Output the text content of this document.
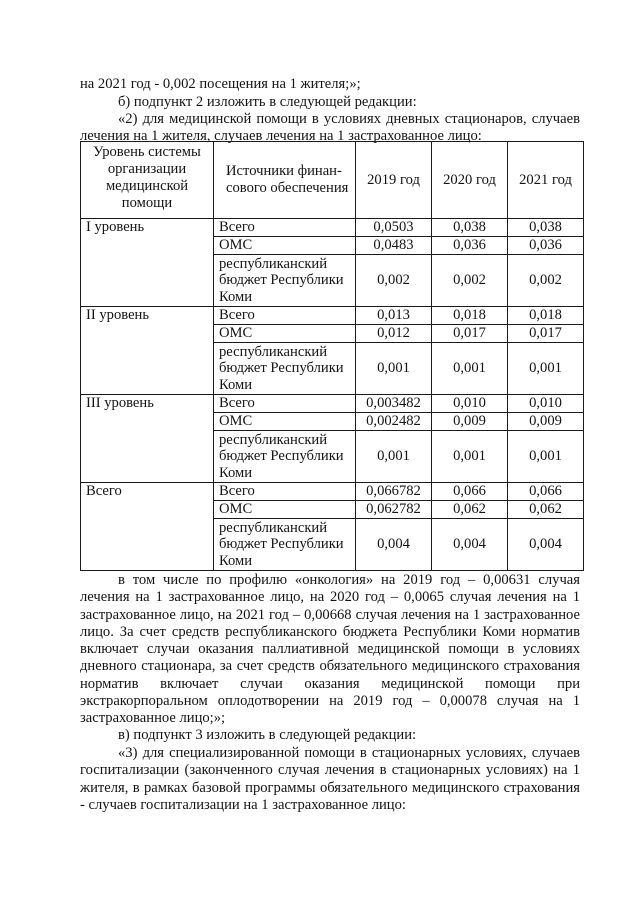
на 2021 год - 0,002 посещения на 1 жителя;»;

б) подпункт 2 изложить в следующей редакции:

«2) для медицинской помощи в условиях дневных стационаров, случаев лечения на 1 жителя, случаев лечения на 1 застрахованное лицо:

Уровень системы организации медицинской помощи	Источники финан-сового обеспечения	2019 год	2020 год	2021 год
I уровень	Всего	0,0503	0,038	0,038
	ОМС	0,0483	0,036	0,036
	республиканский бюджет Республики Коми	0,002	0,002	0,002
II уровень	Всего	0,013	0,018	0,018
	ОМС	0,012	0,017	0,017
	республиканский бюджет Республики Коми	0,001	0,001	0,001
III уровень	Всего	0,003482	0,010	0,010
	ОМС	0,002482	0,009	0,009
	республиканский бюджет Республики Коми	0,001	0,001	0,001
Всего	Всего	0,066782	0,066	0,066
	ОМС	0,062782	0,062	0,062
	республиканский бюджет Республики Коми	0,004	0,004	0,004

в том числе по профилю «онкология» на 2019 год – 0,00631 случая лечения на 1 застрахованное лицо, на 2020 год – 0,0065 случая лечения на 1 застрахованное лицо, на 2021 год – 0,00668 случая лечения на 1 застрахованное лицо. За счет средств республиканского бюджета Республики Коми норматив включает случаи оказания паллиативной медицинской помощи в условиях дневного стационара, за счет средств обязательного медицинского страхования норматив включает случаи оказания медицинской помощи при экстракорпоральном оплодотворении на 2019 год – 0,00078 случая на 1 застрахованное лицо;»;

в) подпункт 3 изложить в следующей редакции:

«3) для специализированной помощи в стационарных условиях, случаев госпитализации (законченного случая лечения в стационарных условиях) на 1 жителя, в рамках базовой программы обязательного медицинского страхования - случаев госпитализации на 1 застрахованное лицо:
